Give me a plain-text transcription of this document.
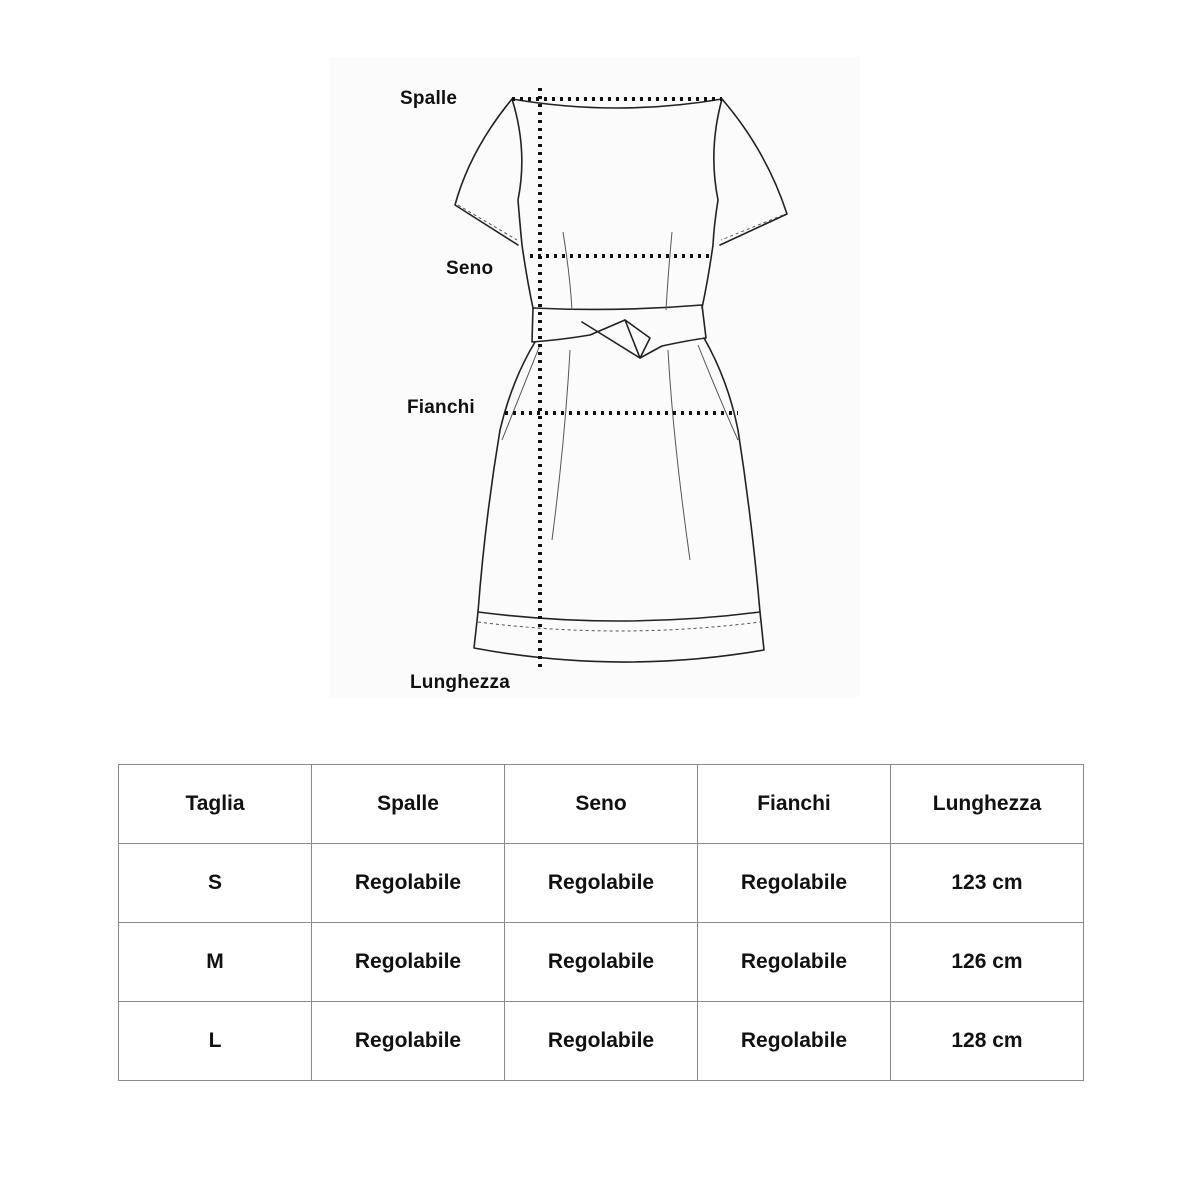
Spalle
Seno
Fianchi
Lunghezza
Taglia	Spalle	Seno	Fianchi	Lunghezza
S	Regolabile	Regolabile	Regolabile	123 cm
M	Regolabile	Regolabile	Regolabile	126 cm
L	Regolabile	Regolabile	Regolabile	128 cm
